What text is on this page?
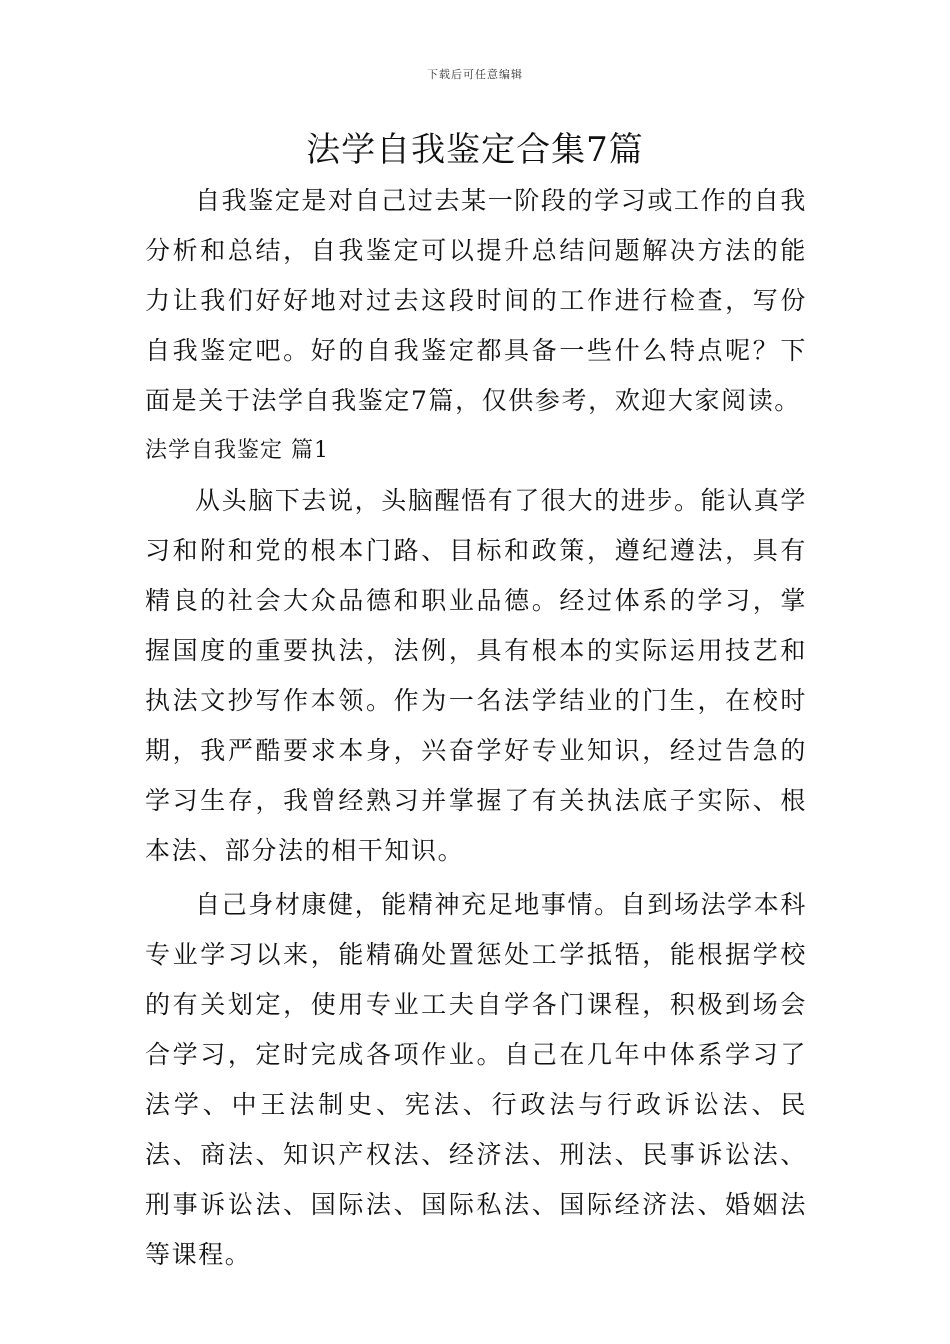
下载后可任意编辑
法学自我鉴定合集7篇

自我鉴定是对自己过去某一阶段的学习或工作的自我分析和总结，自我鉴定可以提升总结问题解决方法的能力让我们好好地对过去这段时间的工作进行检查，写份自我鉴定吧。好的自我鉴定都具备一些什么特点呢？下面是关于法学自我鉴定7篇，仅供参考，欢迎大家阅读。

法学自我鉴定 篇1

从头脑下去说，头脑醒悟有了很大的进步。能认真学习和附和党的根本门路、目标和政策，遵纪遵法，具有精良的社会大众品德和职业品德。经过体系的学习，掌握国度的重要执法，法例，具有根本的实际运用技艺和执法文抄写作本领。作为一名法学结业的门生，在校时期，我严酷要求本身，兴奋学好专业知识，经过告急的学习生存，我曾经熟习并掌握了有关执法底子实际、根本法、部分法的相干知识。

自己身材康健，能精神充足地事情。自到场法学本科专业学习以来，能精确处置惩处工学抵牾，能根据学校的有关划定，使用专业工夫自学各门课程，积极到场会合学习，定时完成各项作业。自己在几年中体系学习了法学、中王法制史、宪法、行政法与行政诉讼法、民法、商法、知识产权法、经济法、刑法、民事诉讼法、刑事诉讼法、国际法、国际私法、国际经济法、婚姻法等课程。
